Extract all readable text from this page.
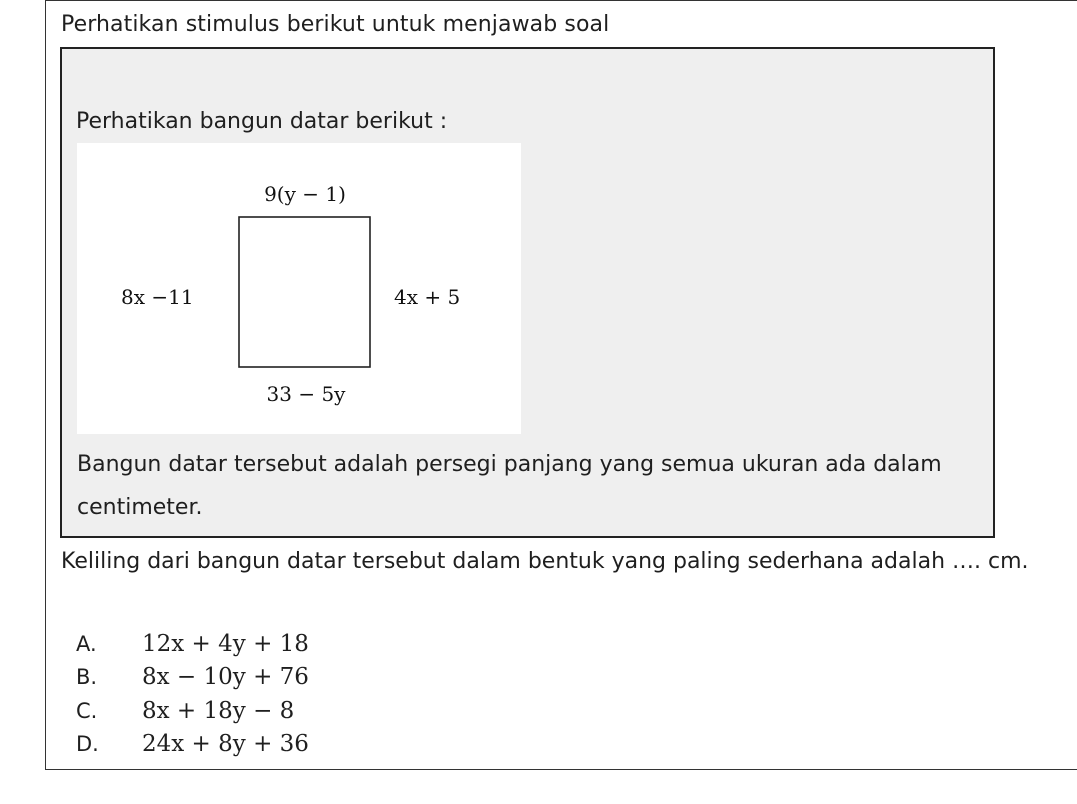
Perhatikan stimulus berikut untuk menjawab soal
Perhatikan bangun datar berikut :
9(y − 1)
8x −11	4x + 5
33 − 5y
Bangun datar tersebut adalah persegi panjang yang semua ukuran ada dalam centimeter.
Keliling dari bangun datar tersebut dalam bentuk yang paling sederhana adalah …. cm.
A.	12x + 4y + 18
B.	8x − 10y + 76
C.	8x + 18y − 8
D.	24x + 8y + 36
